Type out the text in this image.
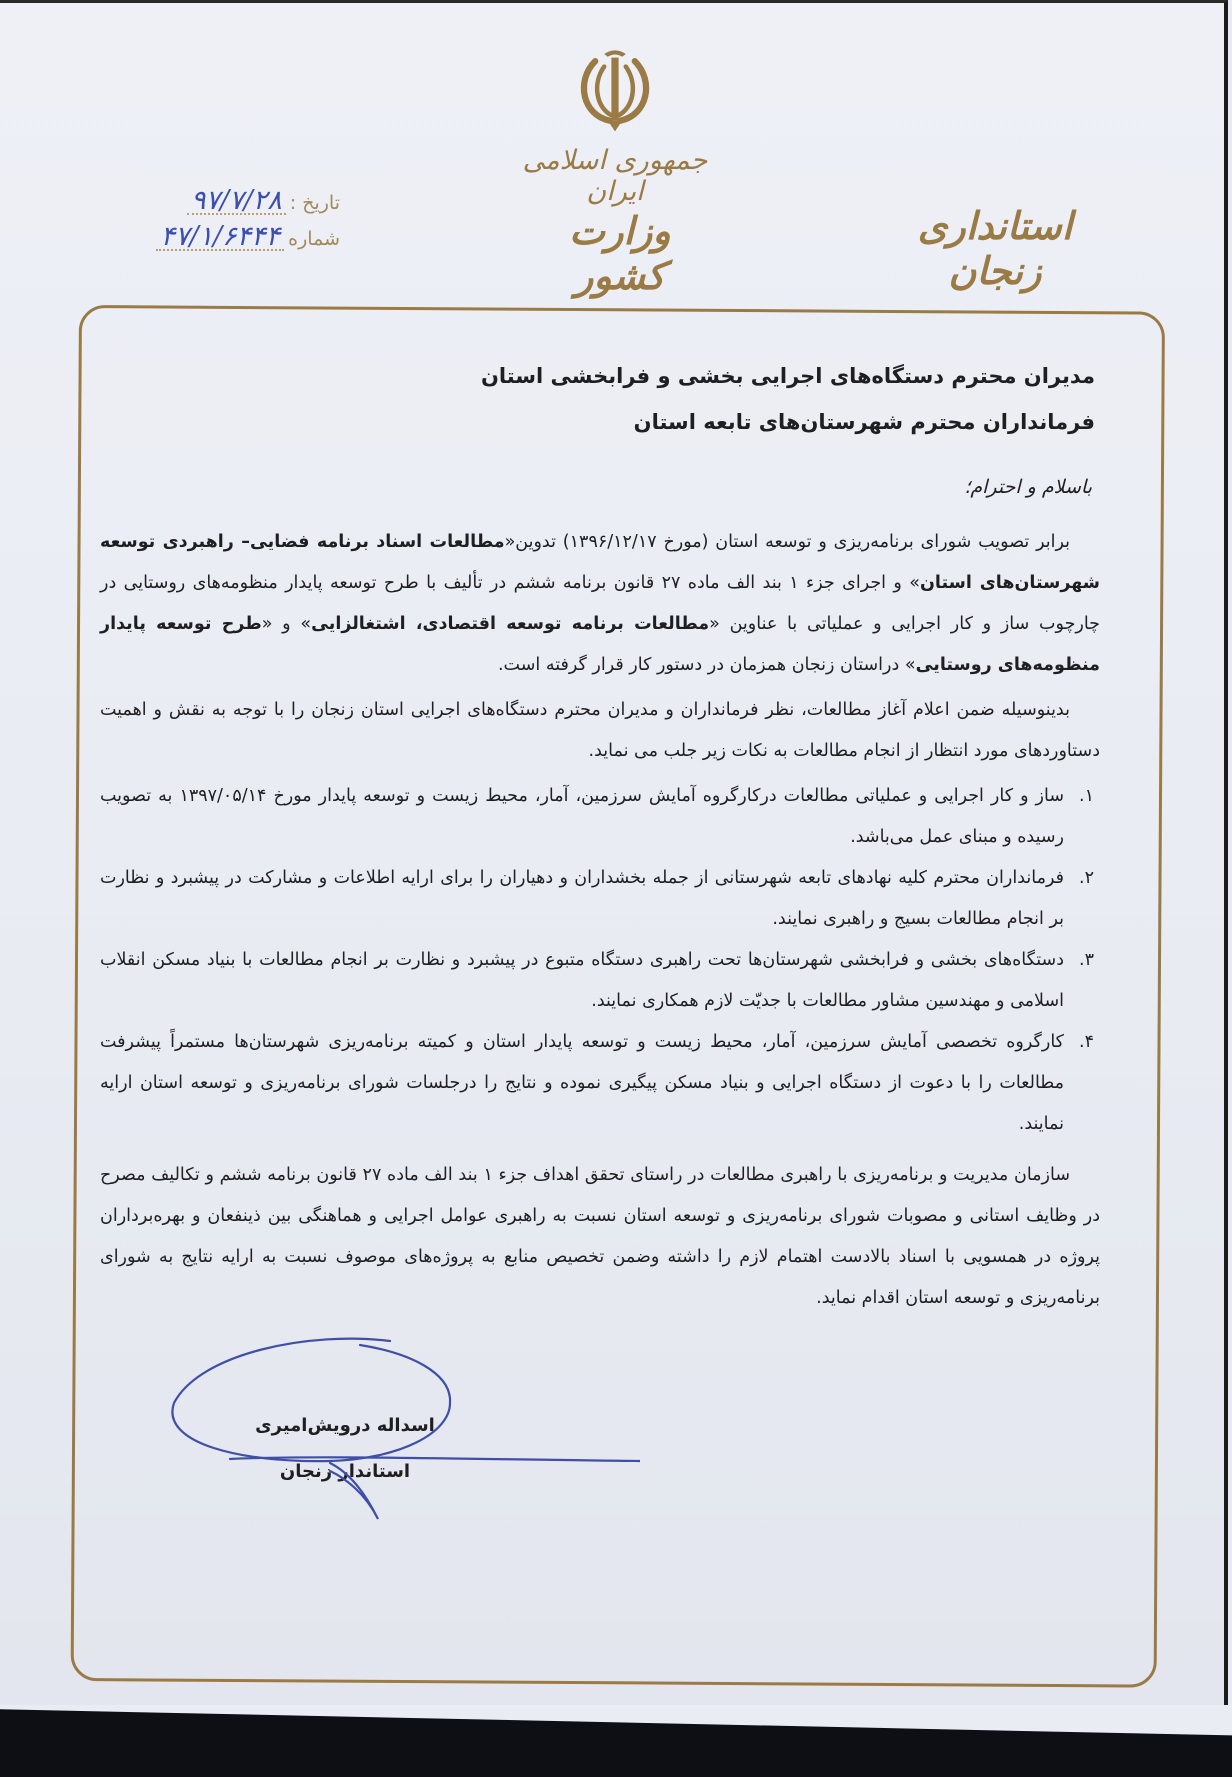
جمهوری اسلامی ایران
وزارت کشور
استانداری زنجان
تاریخ :
۹۷/۷/۲۸
شماره
۴۷/۱/۶۴۴۴
مدیران محترم دستگاه‌های اجرایی بخشی و فرابخشی استان
فرمانداران محترم شهرستان‌های تابعه استان
باسلام و احترام؛

برابر تصویب شورای برنامه‌ریزی و توسعه استان (مورخ ۱۳۹۶/۱۲/۱۷) تدوین«مطالعات اسناد برنامه فضایی– راهبردی توسعه شهرستان‌های استان» و اجرای جزء ۱ بند الف ماده ۲۷ قانون برنامه ششم در تألیف با طرح توسعه پایدار منظومه‌های روستایی در چارچوب ساز و کار اجرایی و عملیاتی با عناوین «مطالعات برنامه توسعه اقتصادی، اشتغالزایی» و «طرح توسعه پایدار منظومه‌های روستایی» دراستان زنجان همزمان در دستور کار قرار گرفته است.

بدینوسیله ضمن اعلام آغاز مطالعات، نظر فرمانداران و مدیران محترم دستگاه‌های اجرایی استان زنجان را با توجه به نقش و اهمیت دستاوردهای مورد انتظار از انجام مطالعات به نکات زیر جلب می نماید.

۱.
ساز و کار اجرایی و عملیاتی مطالعات درکارگروه آمایش سرزمین، آمار، محیط زیست و توسعه پایدار مورخ ۱۳۹۷/۰۵/۱۴ به تصویب رسیده و مبنای عمل می‌باشد.
۲.
فرمانداران محترم کلیه نهادهای تابعه شهرستانی از جمله بخشداران و دهیاران را برای ارایه اطلاعات و مشارکت در پیشبرد و نظارت بر انجام مطالعات بسیج و راهبری نمایند.
۳.
دستگاه‌های بخشی و فرابخشی شهرستان‌ها تحت راهبری دستگاه متبوع در پیشبرد و نظارت بر انجام مطالعات با بنیاد مسکن انقلاب اسلامی و مهندسین مشاور مطالعات با جدیّت لازم همکاری نمایند.
۴.
کارگروه تخصصی آمایش سرزمین، آمار، محیط زیست و توسعه پایدار استان و کمیته برنامه‌ریزی شهرستان‌ها مستمراً پیشرفت مطالعات را با دعوت از دستگاه اجرایی و بنیاد مسکن پیگیری نموده و نتایج را درجلسات شورای برنامه‌ریزی و توسعه استان ارایه نمایند.

سازمان مدیریت و برنامه‌ریزی با راهبری مطالعات در راستای تحقق اهداف جزء ۱ بند الف ماده ۲۷ قانون برنامه ششم و تکالیف مصرح در وظایف استانی و مصوبات شورای برنامه‌ریزی و توسعه استان نسبت به راهبری عوامل اجرایی و هماهنگی بین ذینفعان و بهره‌برداران پروژه در همسویی با اسناد بالادست اهتمام لازم را داشته وضمن تخصیص منابع به پروژه‌های موصوف نسبت به ارایه نتایج به شورای برنامه‌ریزی و توسعه استان اقدام نماید.

اسداله درویش‌امیری
استاندار زنجان
